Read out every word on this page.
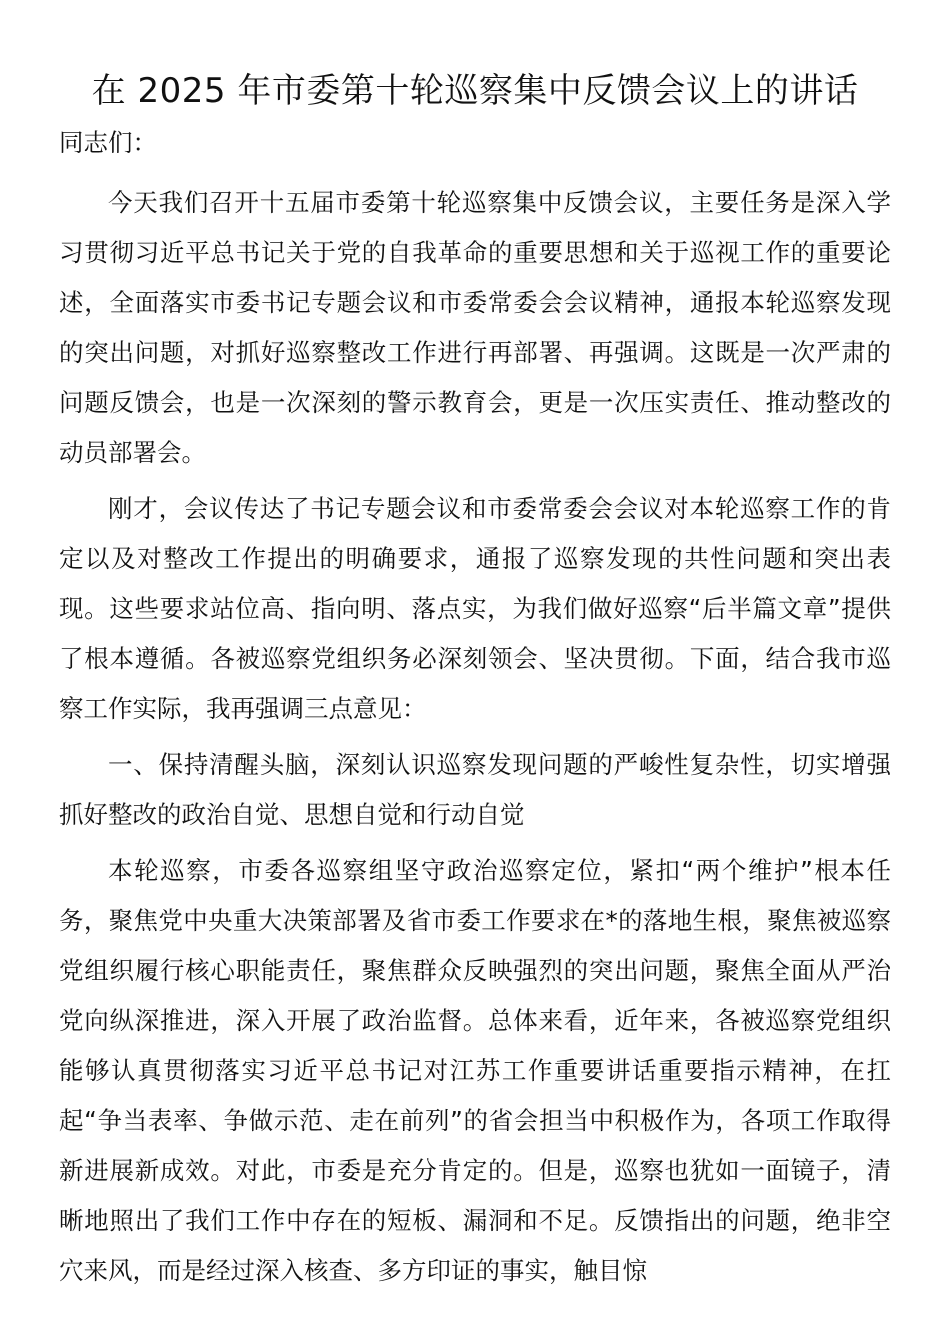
在 2025 年市委第十轮巡察集中反馈会议上的讲话

同志们：

今天我们召开十五届市委第十轮巡察集中反馈会议，主要任务是深入学习贯彻习近平总书记关于党的自我革命的重要思想和关于巡视工作的重要论述，全面落实市委书记专题会议和市委常委会会议精神，通报本轮巡察发现的突出问题，对抓好巡察整改工作进行再部署、再强调。这既是一次严肃的问题反馈会，也是一次深刻的警示教育会，更是一次压实责任、推动整改的动员部署会。

刚才，会议传达了书记专题会议和市委常委会会议对本轮巡察工作的肯定以及对整改工作提出的明确要求，通报了巡察发现的共性问题和突出表现。这些要求站位高、指向明、落点实，为我们做好巡察“后半篇文章”提供了根本遵循。各被巡察党组织务必深刻领会、坚决贯彻。下面，结合我市巡察工作实际，我再强调三点意见：

一、保持清醒头脑，深刻认识巡察发现问题的严峻性复杂性，切实增强抓好整改的政治自觉、思想自觉和行动自觉

本轮巡察，市委各巡察组坚守政治巡察定位，紧扣“两个维护”根本任务，聚焦党中央重大决策部署及省市委工作要求在*的落地生根，聚焦被巡察党组织履行核心职能责任，聚焦群众反映强烈的突出问题，聚焦全面从严治党向纵深推进，深入开展了政治监督。总体来看，近年来，各被巡察党组织能够认真贯彻落实习近平总书记对江苏工作重要讲话重要指示精神，在扛起“争当表率、争做示范、走在前列”的省会担当中积极作为，各项工作取得新进展新成效。对此，市委是充分肯定的。但是，巡察也犹如一面镜子，清晰地照出了我们工作中存在的短板、漏洞和不足。反馈指出的问题，绝非空穴来风，而是经过深入核查、多方印证的事实，触目惊
